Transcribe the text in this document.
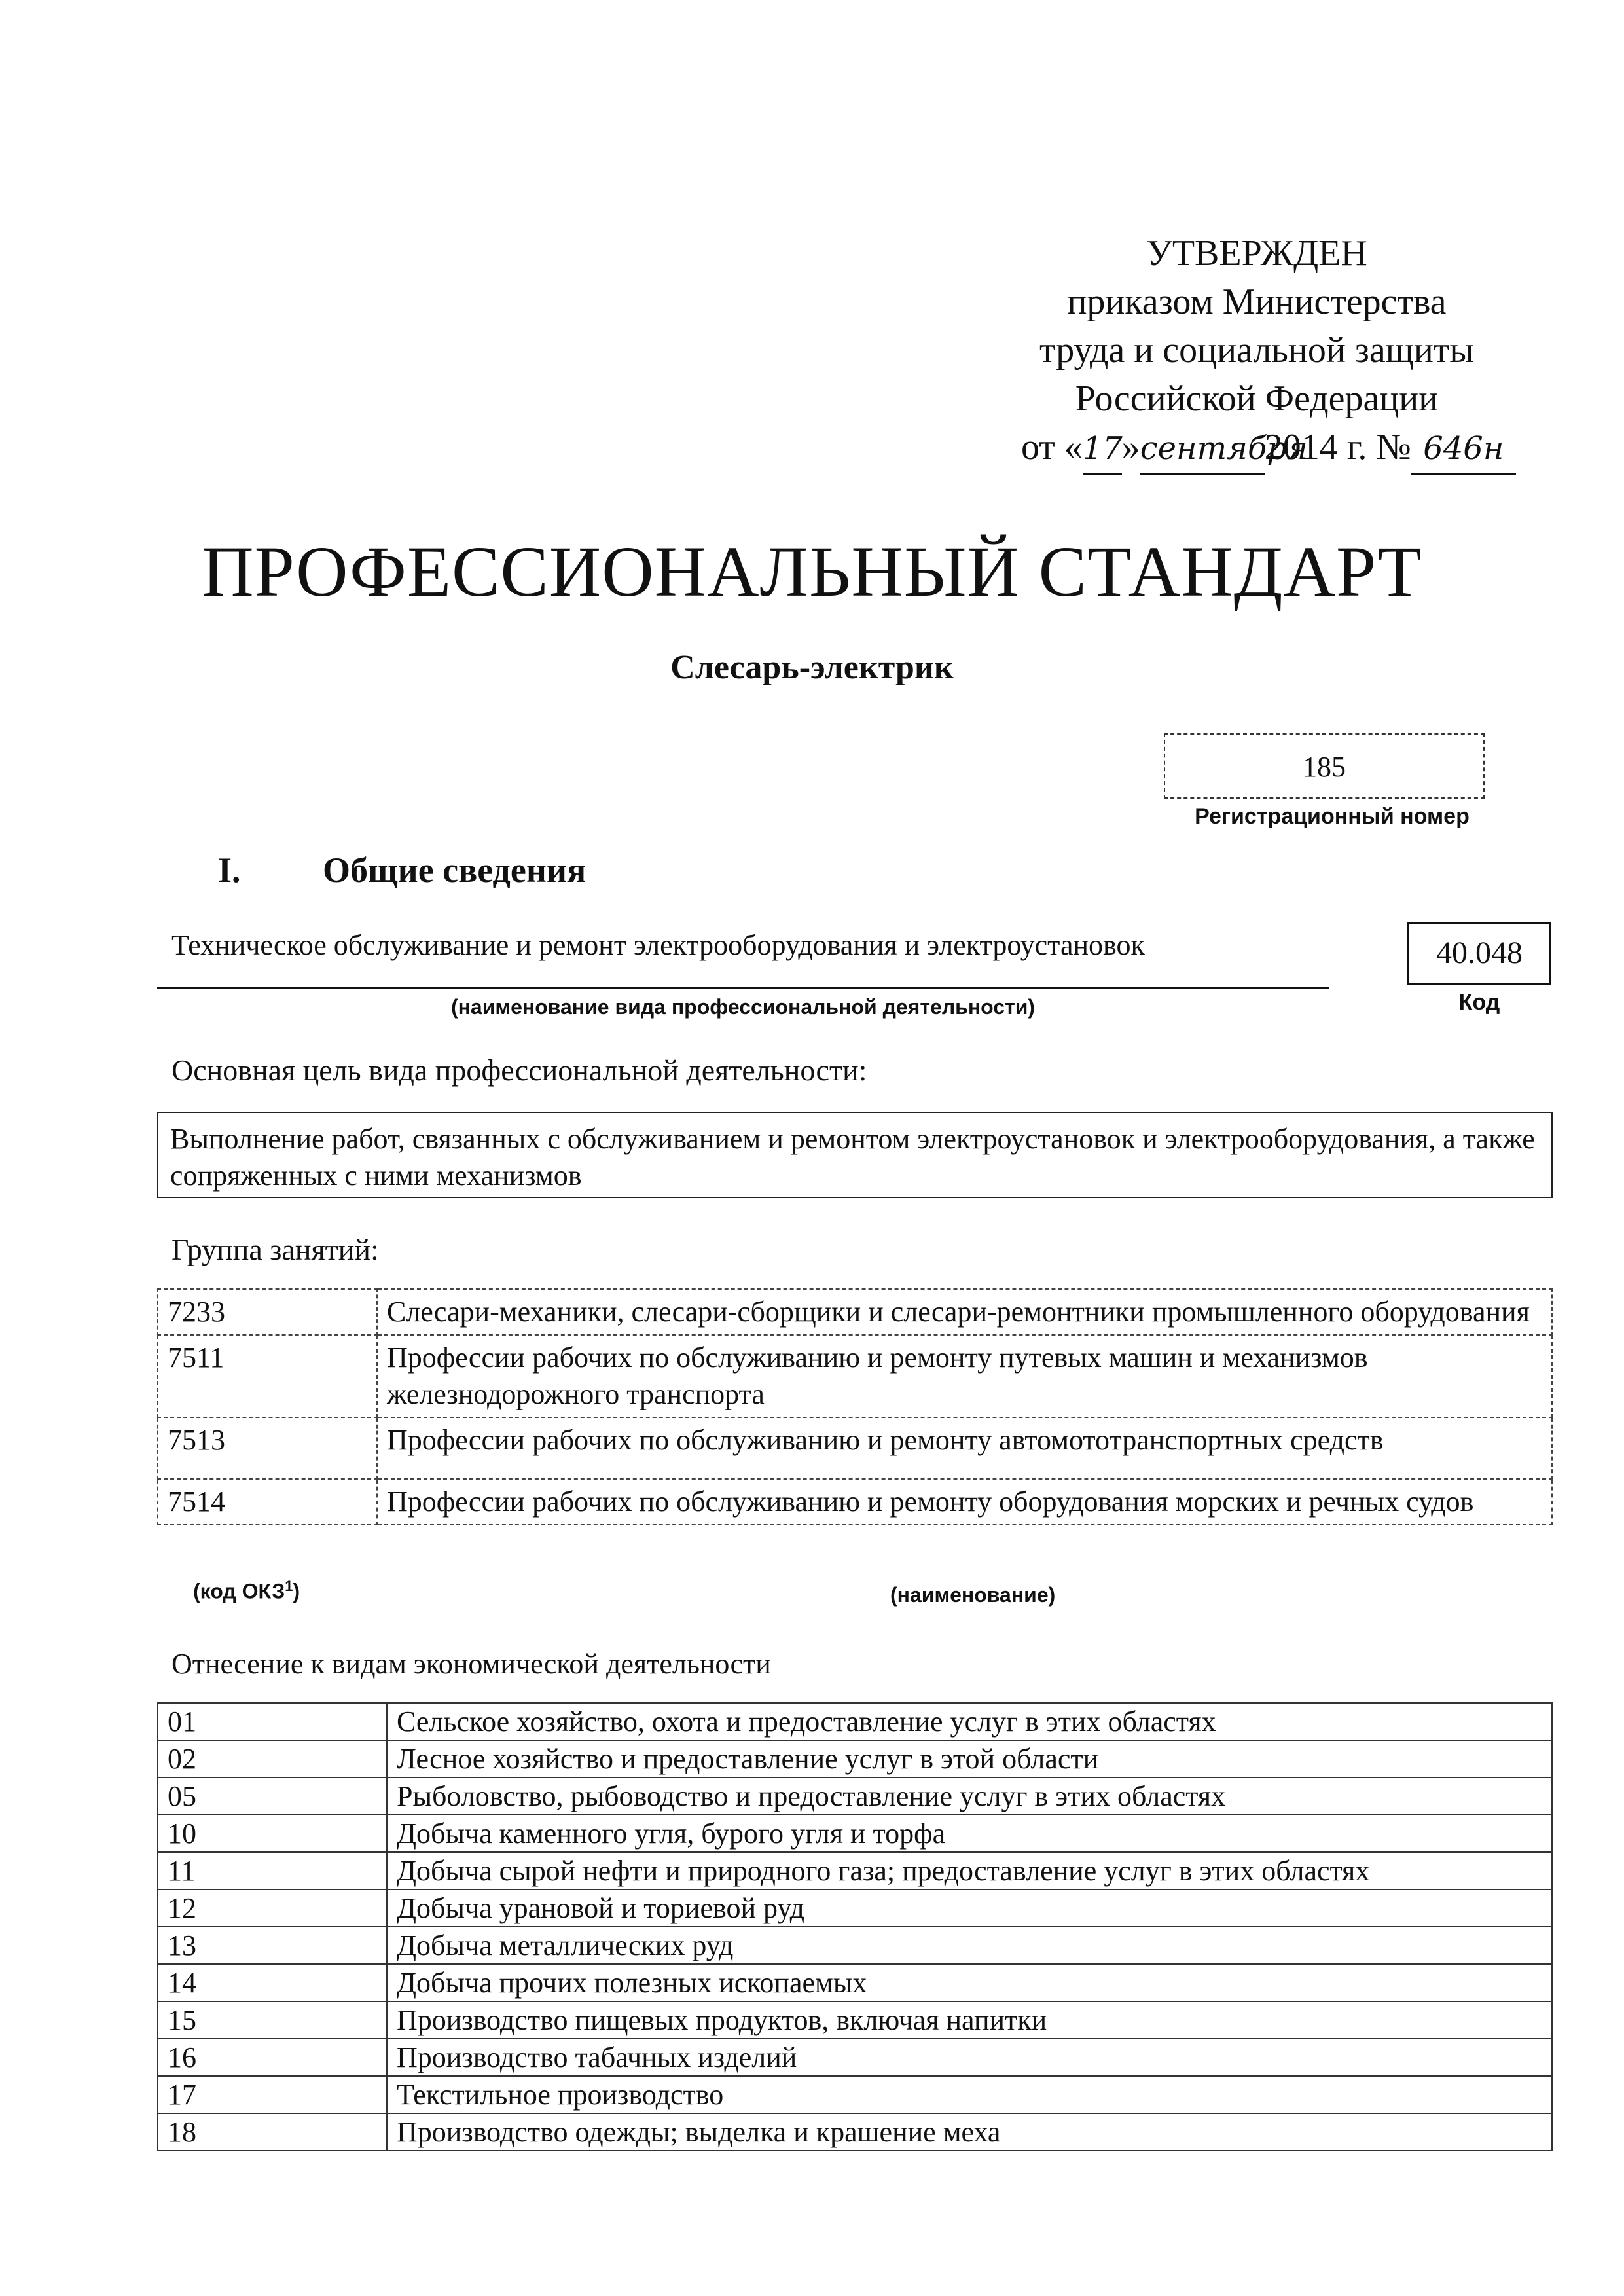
УТВЕРЖДЕН
приказом Министерства
труда и социальной защиты
Российской Федерации
от «17»сентября2014 г. № 646н
ПРОФЕССИОНАЛЬНЫЙ СТАНДАРТ
Слесарь-электрик
185
Регистрационный номер
I. Общие сведения
Техническое обслуживание и ремонт электрооборудования и электроустановок
(наименование вида профессиональной деятельности)
40.048
Код
Основная цель вида профессиональной деятельности:
Выполнение работ, связанных с обслуживанием и ремонтом электроустановок и электрооборудования, а также сопряженных с ними механизмов
Группа занятий:
7233	Слесари-механики, слесари-сборщики и слесари-ремонтники промышленного оборудования
7511	Профессии рабочих по обслуживанию и ремонту путевых машин и механизмов железнодорожного транспорта
7513	Профессии рабочих по обслуживанию и ремонту автомототранспортных средств
7514	Профессии рабочих по обслуживанию и ремонту оборудования морских и речных судов
(код ОКЗ$^1$)	(наименование)
Отнесение к видам экономической деятельности
01	Сельское хозяйство, охота и предоставление услуг в этих областях
02	Лесное хозяйство и предоставление услуг в этой области
05	Рыболовство, рыбоводство и предоставление услуг в этих областях
10	Добыча каменного угля, бурого угля и торфа
11	Добыча сырой нефти и природного газа; предоставление услуг в этих областях
12	Добыча урановой и ториевой руд
13	Добыча металлических руд
14	Добыча прочих полезных ископаемых
15	Производство пищевых продуктов, включая напитки
16	Производство табачных изделий
17	Текстильное производство
18	Производство одежды; выделка и крашение меха
